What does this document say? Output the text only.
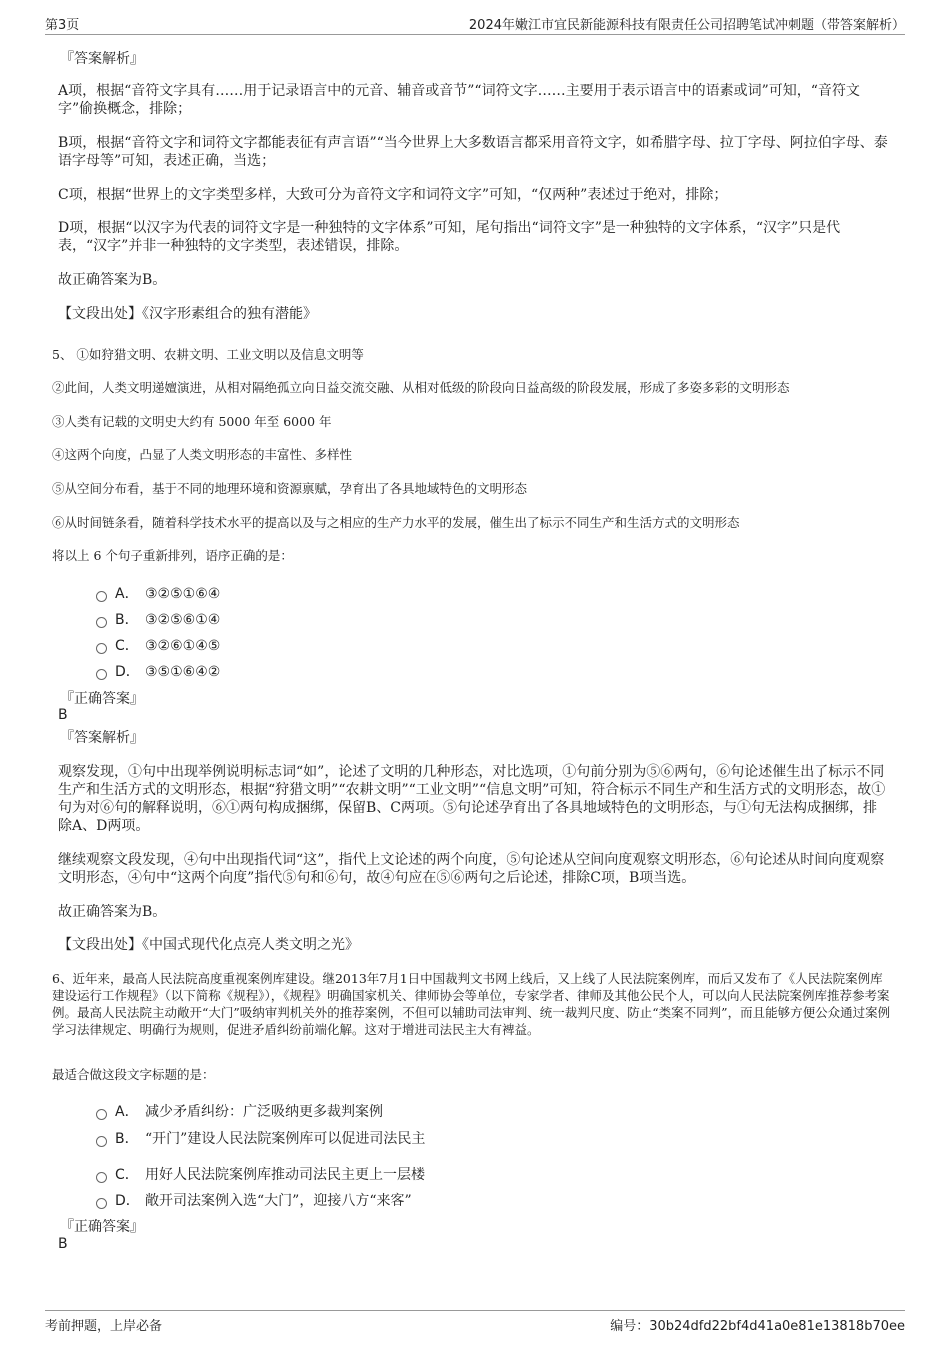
第3页	2024年嫩江市宜民新能源科技有限责任公司招聘笔试冲刺题（带答案解析）
『答案解析』
A项，根据“音符文字具有……用于记录语言中的元音、辅音或音节”“词符文字……主要用于表示语言中的语素或词”可知，“音符文字”偷换概念，排除；
B项，根据“音符文字和词符文字都能表征有声言语”“当今世界上大多数语言都采用音符文字，如希腊字母、拉丁字母、阿拉伯字母、泰语字母等”可知，表述正确，当选；
C项，根据“世界上的文字类型多样，大致可分为音符文字和词符文字”可知，“仅两种”表述过于绝对，排除；
D项，根据“以汉字为代表的词符文字是一种独特的文字体系”可知，尾句指出“词符文字”是一种独特的文字体系，“汉字”只是代表，“汉字”并非一种独特的文字类型，表述错误，排除。
故正确答案为B。
【文段出处】《汉字形素组合的独有潜能》
5、 ①如狩猎文明、农耕文明、工业文明以及信息文明等
②此间，人类文明递嬗演进，从相对隔绝孤立向日益交流交融、从相对低级的阶段向日益高级的阶段发展，形成了多姿多彩的文明形态
③人类有记载的文明史大约有 5000 年至 6000 年
④这两个向度，凸显了人类文明形态的丰富性、多样性
⑤从空间分布看，基于不同的地理环境和资源禀赋，孕育出了各具地域特色的文明形态
⑥从时间链条看，随着科学技术水平的提高以及与之相应的生产力水平的发展，催生出了标示不同生产和生活方式的文明形态
将以上 6 个句子重新排列，语序正确的是：
A． ③②⑤①⑥④
B． ③②⑤⑥①④
C． ③②⑥①④⑤
D． ③⑤①⑥④②
『正确答案』
B
『答案解析』
观察发现，①句中出现举例说明标志词“如”，论述了文明的几种形态，对比选项，①句前分别为⑤⑥两句，⑥句论述催生出了标示不同生产和生活方式的文明形态，根据“狩猎文明”“农耕文明”“工业文明”“信息文明”可知，符合标示不同生产和生活方式的文明形态，故①句为对⑥句的解释说明，⑥①两句构成捆绑，保留B、C两项。⑤句论述孕育出了各具地域特色的文明形态，与①句无法构成捆绑，排除A、D两项。
继续观察文段发现，④句中出现指代词“这”，指代上文论述的两个向度，⑤句论述从空间向度观察文明形态，⑥句论述从时间向度观察文明形态，④句中“这两个向度”指代⑤句和⑥句，故④句应在⑤⑥两句之后论述，排除C项，B项当选。
故正确答案为B。
【文段出处】《中国式现代化点亮人类文明之光》
6、近年来，最高人民法院高度重视案例库建设。继2013年7月1日中国裁判文书网上线后，又上线了人民法院案例库，而后又发布了《人民法院案例库建设运行工作规程》（以下简称《规程》），《规程》明确国家机关、律师协会等单位，专家学者、律师及其他公民个人，可以向人民法院案例库推荐参考案例。最高人民法院主动敞开“大门”吸纳审判机关外的推荐案例，不但可以辅助司法审判、统一裁判尺度、防止“类案不同判”，而且能够方便公众通过案例学习法律规定、明确行为规则，促进矛盾纠纷前端化解。这对于增进司法民主大有裨益。
最适合做这段文字标题的是：
A． 减少矛盾纠纷：广泛吸纳更多裁判案例
B． “开门”建设人民法院案例库可以促进司法民主
C． 用好人民法院案例库推动司法民主更上一层楼
D． 敞开司法案例入选“大门”，迎接八方“来客”
『正确答案』
B
考前押题，上岸必备	编号：30b24dfd22bf4d41a0e81e13818b70ee
